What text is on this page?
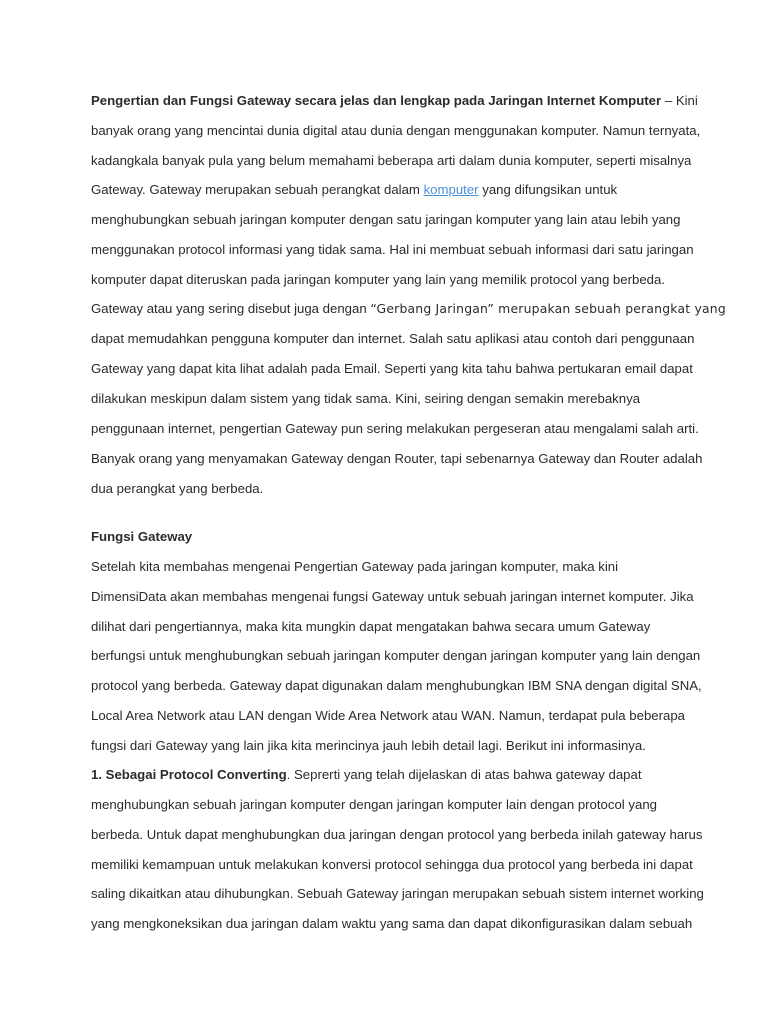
Pengertian dan Fungsi Gateway secara jelas dan lengkap pada Jaringan Internet Komputer – Kini
banyak orang yang mencintai dunia digital atau dunia dengan menggunakan komputer. Namun ternyata,
kadangkala banyak pula yang belum memahami beberapa arti dalam dunia komputer, seperti misalnya
Gateway. Gateway merupakan sebuah perangkat dalam komputer yang difungsikan untuk
menghubungkan sebuah jaringan komputer dengan satu jaringan komputer yang lain atau lebih yang
menggunakan protocol informasi yang tidak sama. Hal ini membuat sebuah informasi dari satu jaringan
komputer dapat diteruskan pada jaringan komputer yang lain yang memilik protocol yang berbeda.
Gateway atau yang sering disebut juga dengan “Gerbang Jaringan” merupakan sebuah perangkat yang
dapat memudahkan pengguna komputer dan internet. Salah satu aplikasi atau contoh dari penggunaan
Gateway yang dapat kita lihat adalah pada Email. Seperti yang kita tahu bahwa pertukaran email dapat
dilakukan meskipun dalam sistem yang tidak sama. Kini, seiring dengan semakin merebaknya
penggunaan internet, pengertian Gateway pun sering melakukan pergeseran atau mengalami salah arti.
Banyak orang yang menyamakan Gateway dengan Router, tapi sebenarnya Gateway dan Router adalah
dua perangkat yang berbeda.
Fungsi Gateway
Setelah kita membahas mengenai Pengertian Gateway pada jaringan komputer, maka kini
DimensiData akan membahas mengenai fungsi Gateway untuk sebuah jaringan internet komputer. Jika
dilihat dari pengertiannya, maka kita mungkin dapat mengatakan bahwa secara umum Gateway
berfungsi untuk menghubungkan sebuah jaringan komputer dengan jaringan komputer yang lain dengan
protocol yang berbeda. Gateway dapat digunakan dalam menghubungkan IBM SNA dengan digital SNA,
Local Area Network atau LAN dengan Wide Area Network atau WAN. Namun, terdapat pula beberapa
fungsi dari Gateway yang lain jika kita merincinya jauh lebih detail lagi. Berikut ini informasinya.
1. Sebagai Protocol Converting. Seprerti yang telah dijelaskan di atas bahwa gateway dapat
menghubungkan sebuah jaringan komputer dengan jaringan komputer lain dengan protocol yang
berbeda. Untuk dapat menghubungkan dua jaringan dengan protocol yang berbeda inilah gateway harus
memiliki kemampuan untuk melakukan konversi protocol sehingga dua protocol yang berbeda ini dapat
saling dikaitkan atau dihubungkan. Sebuah Gateway jaringan merupakan sebuah sistem internet working
yang mengkoneksikan dua jaringan dalam waktu yang sama dan dapat dikonfigurasikan dalam sebuah
